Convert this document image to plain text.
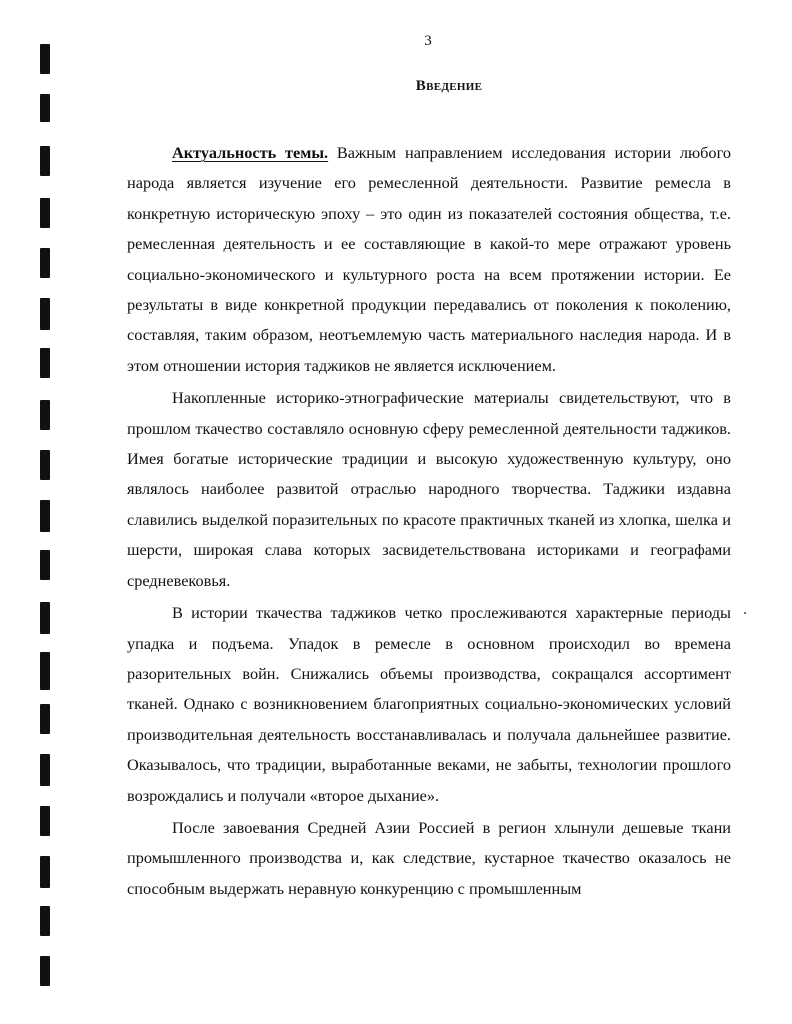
3
Введение

Актуальность темы. Важным направлением исследования истории любого народа является изучение его ремесленной деятельности. Развитие ремесла в конкретную историческую эпоху – это один из показателей состояния общества, т.е. ремесленная деятельность и ее составляющие в какой-то мере отражают уровень социально-экономического и культурного роста на всем протяжении истории. Ее результаты в виде конкретной продукции передавались от поколения к поколению, составляя, таким образом, неотъемлемую часть материального наследия народа. И в этом отношении история таджиков не является исключением.

Накопленные историко-этнографические материалы свидетельствуют, что в прошлом ткачество составляло основную сферу ремесленной деятельности таджиков. Имея богатые исторические традиции и высокую художественную культуру, оно являлось наиболее развитой отраслью народного творчества. Таджики издавна славились выделкой поразительных по красоте практичных тканей из хлопка, шелка и шерсти, широкая слава которых засвидетельствована историками и географами средневековья.

В истории ткачества таджиков четко прослеживаются характерные периоды упадка и подъема. Упадок в ремесле в основном происходил во времена разорительных войн. Снижались объемы производства, сокращался ассортимент тканей. Однако с возникновением благоприятных социально-экономических условий производительная деятельность восстанавливалась и получала дальнейшее развитие. Оказывалось, что традиции, выработанные веками, не забыты, технологии прошлого возрождались и получали «второе дыхание».

После завоевания Средней Азии Россией в регион хлынули дешевые ткани промышленного производства и, как следствие, кустарное ткачество оказалось не способным выдержать неравную конкуренцию с промышленным
